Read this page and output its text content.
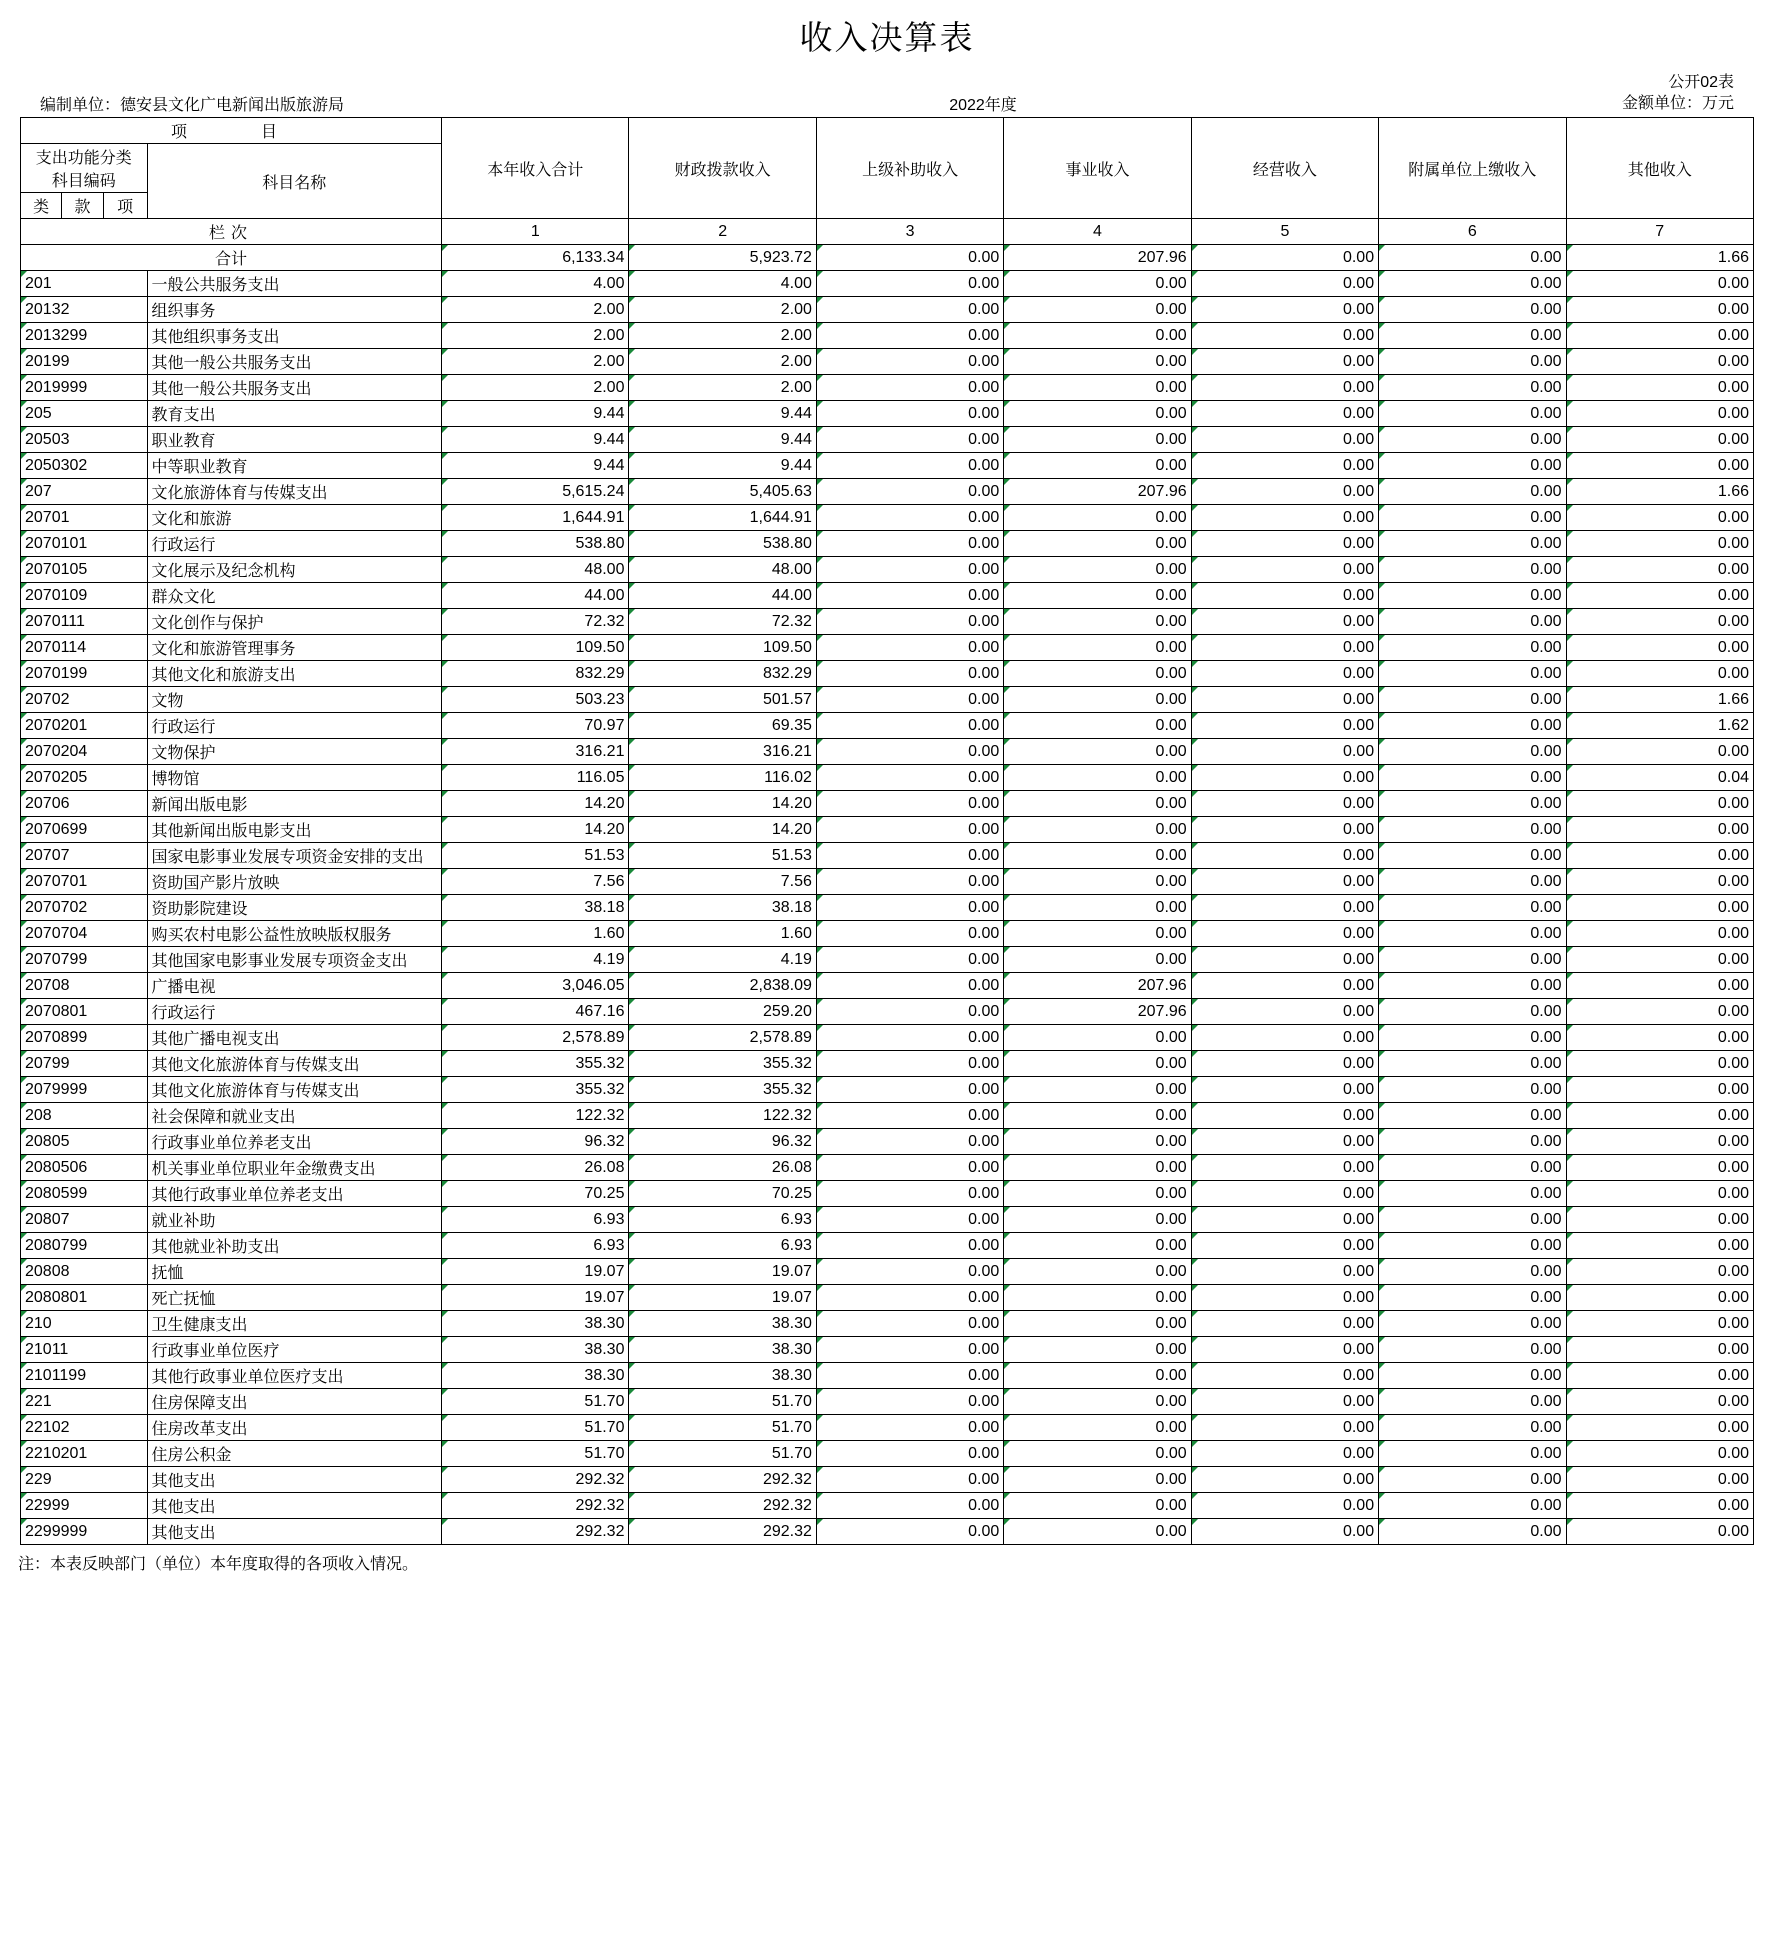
收入决算表
公开02表
编制单位：德安县文化广电新闻出版旅游局	2022年度	金额单位：万元
项　　目				本年收入合计	财政拨款收入	上级补助收入	事业收入	经营收入	附属单位上缴收入	其他收入
支出功能分类
科目编码			科目名称							
类	款	项								
栏次				1	2	3	4	5	6	7
合计				6,133.34	5,923.72	0.00	207.96	0.00	0.00	1.66
201			一般公共服务支出	4.00	4.00	0.00	0.00	0.00	0.00	0.00
20132			组织事务	2.00	2.00	0.00	0.00	0.00	0.00	0.00
2013299			其他组织事务支出	2.00	2.00	0.00	0.00	0.00	0.00	0.00
20199			其他一般公共服务支出	2.00	2.00	0.00	0.00	0.00	0.00	0.00
2019999			其他一般公共服务支出	2.00	2.00	0.00	0.00	0.00	0.00	0.00
205			教育支出	9.44	9.44	0.00	0.00	0.00	0.00	0.00
20503			职业教育	9.44	9.44	0.00	0.00	0.00	0.00	0.00
2050302			中等职业教育	9.44	9.44	0.00	0.00	0.00	0.00	0.00
207			文化旅游体育与传媒支出	5,615.24	5,405.63	0.00	207.96	0.00	0.00	1.66
20701			文化和旅游	1,644.91	1,644.91	0.00	0.00	0.00	0.00	0.00
2070101			行政运行	538.80	538.80	0.00	0.00	0.00	0.00	0.00
2070105			文化展示及纪念机构	48.00	48.00	0.00	0.00	0.00	0.00	0.00
2070109			群众文化	44.00	44.00	0.00	0.00	0.00	0.00	0.00
2070111			文化创作与保护	72.32	72.32	0.00	0.00	0.00	0.00	0.00
2070114			文化和旅游管理事务	109.50	109.50	0.00	0.00	0.00	0.00	0.00
2070199			其他文化和旅游支出	832.29	832.29	0.00	0.00	0.00	0.00	0.00
20702			文物	503.23	501.57	0.00	0.00	0.00	0.00	1.66
2070201			行政运行	70.97	69.35	0.00	0.00	0.00	0.00	1.62
2070204			文物保护	316.21	316.21	0.00	0.00	0.00	0.00	0.00
2070205			博物馆	116.05	116.02	0.00	0.00	0.00	0.00	0.04
20706			新闻出版电影	14.20	14.20	0.00	0.00	0.00	0.00	0.00
2070699			其他新闻出版电影支出	14.20	14.20	0.00	0.00	0.00	0.00	0.00
20707			国家电影事业发展专项资金安排的支出	51.53	51.53	0.00	0.00	0.00	0.00	0.00
2070701			资助国产影片放映	7.56	7.56	0.00	0.00	0.00	0.00	0.00
2070702			资助影院建设	38.18	38.18	0.00	0.00	0.00	0.00	0.00
2070704			购买农村电影公益性放映版权服务	1.60	1.60	0.00	0.00	0.00	0.00	0.00
2070799			其他国家电影事业发展专项资金支出	4.19	4.19	0.00	0.00	0.00	0.00	0.00
20708			广播电视	3,046.05	2,838.09	0.00	207.96	0.00	0.00	0.00
2070801			行政运行	467.16	259.20	0.00	207.96	0.00	0.00	0.00
2070899			其他广播电视支出	2,578.89	2,578.89	0.00	0.00	0.00	0.00	0.00
20799			其他文化旅游体育与传媒支出	355.32	355.32	0.00	0.00	0.00	0.00	0.00
2079999			其他文化旅游体育与传媒支出	355.32	355.32	0.00	0.00	0.00	0.00	0.00
208			社会保障和就业支出	122.32	122.32	0.00	0.00	0.00	0.00	0.00
20805			行政事业单位养老支出	96.32	96.32	0.00	0.00	0.00	0.00	0.00
2080506			机关事业单位职业年金缴费支出	26.08	26.08	0.00	0.00	0.00	0.00	0.00
2080599			其他行政事业单位养老支出	70.25	70.25	0.00	0.00	0.00	0.00	0.00
20807			就业补助	6.93	6.93	0.00	0.00	0.00	0.00	0.00
2080799			其他就业补助支出	6.93	6.93	0.00	0.00	0.00	0.00	0.00
20808			抚恤	19.07	19.07	0.00	0.00	0.00	0.00	0.00
2080801			死亡抚恤	19.07	19.07	0.00	0.00	0.00	0.00	0.00
210			卫生健康支出	38.30	38.30	0.00	0.00	0.00	0.00	0.00
21011			行政事业单位医疗	38.30	38.30	0.00	0.00	0.00	0.00	0.00
2101199			其他行政事业单位医疗支出	38.30	38.30	0.00	0.00	0.00	0.00	0.00
221			住房保障支出	51.70	51.70	0.00	0.00	0.00	0.00	0.00
22102			住房改革支出	51.70	51.70	0.00	0.00	0.00	0.00	0.00
2210201			住房公积金	51.70	51.70	0.00	0.00	0.00	0.00	0.00
229			其他支出	292.32	292.32	0.00	0.00	0.00	0.00	0.00
22999			其他支出	292.32	292.32	0.00	0.00	0.00	0.00	0.00
2299999			其他支出	292.32	292.32	0.00	0.00	0.00	0.00	0.00
注：本表反映部门（单位）本年度取得的各项收入情况。
